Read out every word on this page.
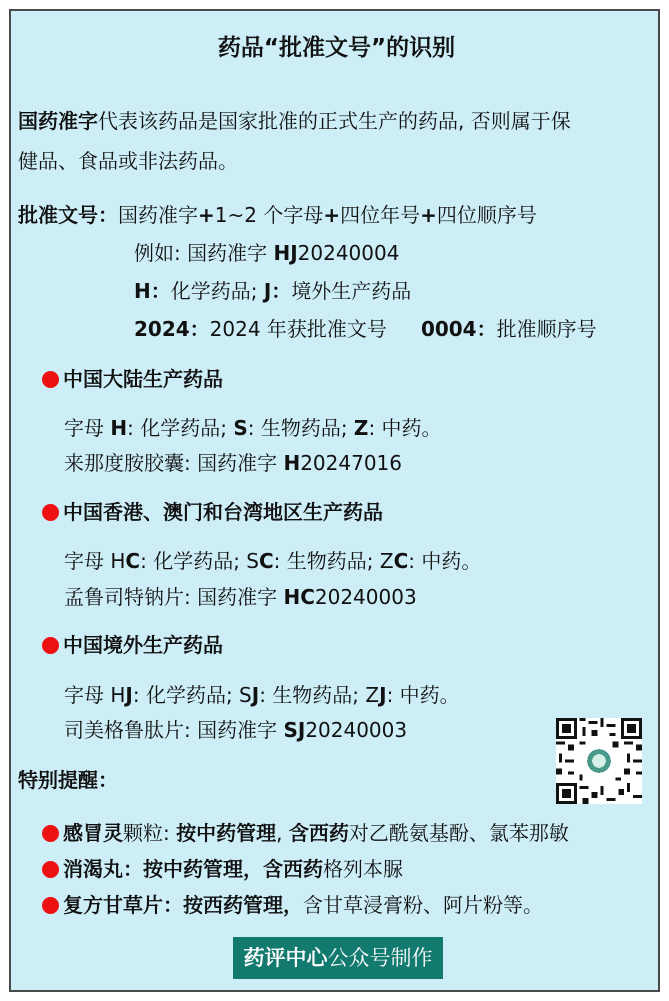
药品“批准文号”的识别
国药准字代表该药品是国家批准的正式生产的药品, 否则属于保
健品、食品或非法药品。
批准文号：国药准字+1~2 个字母+四位年号+四位顺序号
例如: 国药准字 HJ20240004
H：化学药品; J：境外生产药品
2024：2024 年获批准文号 0004：批准顺序号
中国大陆生产药品
字母 H: 化学药品; S: 生物药品; Z: 中药。
来那度胺胶囊: 国药准字 H20247016
中国香港、澳门和台湾地区生产药品
字母 HC: 化学药品; SC: 生物药品; ZC: 中药。
孟鲁司特钠片: 国药准字 HC20240003
中国境外生产药品
字母 HJ: 化学药品; SJ: 生物药品; ZJ: 中药。
司美格鲁肽片: 国药准字 SJ20240003
特别提醒：
感冒灵颗粒: 按中药管理, 含西药对乙酰氨基酚、氯苯那敏
消渴丸：按中药管理，含西药格列本脲
复方甘草片：按西药管理，含甘草浸膏粉、阿片粉等。
药评中心公众号制作
